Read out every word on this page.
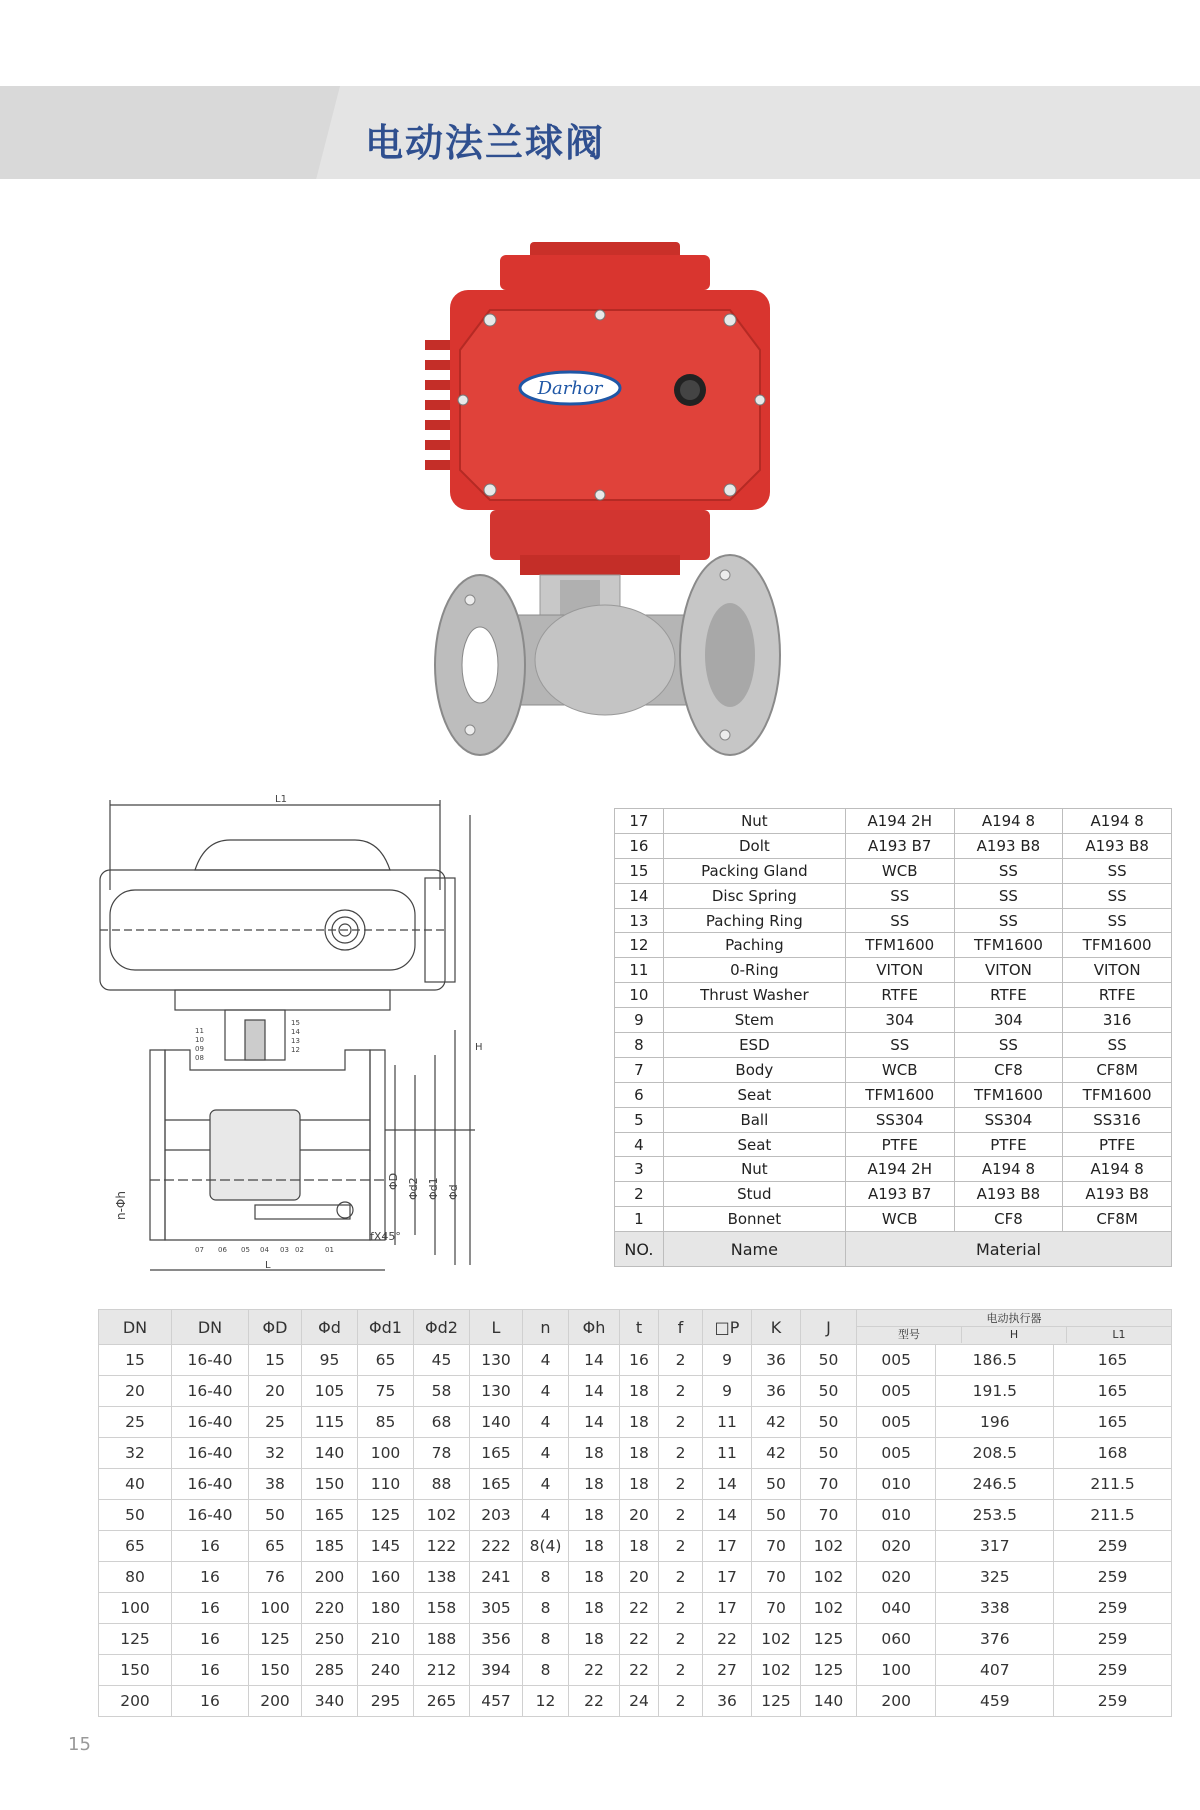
电动法兰球阀
Darhor
L1
H
ΦD Φd2 Φd1 Φd
n-Φh
fX45°
L
11
10
09
08
15
14
13
12
07 06 05 04 03 02	01
17	Nut	A194 2H	A194 8	A194 8
16	Dolt	A193 B7	A193 B8	A193 B8
15	Packing Gland	WCB	SS	SS
14	Disc Spring	SS	SS	SS
13	Paching Ring	SS	SS	SS
12	Paching	TFM1600	TFM1600	TFM1600
11	0-Ring	VITON	VITON	VITON
10	Thrust Washer	RTFE	RTFE	RTFE
9	Stem	304	304	316
8	ESD	SS	SS	SS
7	Body	WCB	CF8	CF8M
6	Seat	TFM1600	TFM1600	TFM1600
5	Ball	SS304	SS304	SS316
4	Seat	PTFE	PTFE	PTFE
3	Nut	A194 2H	A194 8	A194 8
2	Stud	A193 B7	A193 B8	A193 B8
1	Bonnet	WCB	CF8	CF8M
NO.	Name	Material		
DN	DN	ΦD	Φd	Φd1	Φd2	L	n	Φh	t	f	□P	K	J	电动执行器
型号 H L1		

15	16-40	15	95	65	45	130	4	14	16	2	9	36	50	005	186.5	165
20	16-40	20	105	75	58	130	4	14	18	2	9	36	50	005	191.5	165
25	16-40	25	115	85	68	140	4	14	18	2	11	42	50	005	196	165
32	16-40	32	140	100	78	165	4	18	18	2	11	42	50	005	208.5	168
40	16-40	38	150	110	88	165	4	18	18	2	14	50	70	010	246.5	211.5
50	16-40	50	165	125	102	203	4	18	20	2	14	50	70	010	253.5	211.5
65	16	65	185	145	122	222	8(4)	18	18	2	17	70	102	020	317	259
80	16	76	200	160	138	241	8	18	20	2	17	70	102	020	325	259
100	16	100	220	180	158	305	8	18	22	2	17	70	102	040	338	259
125	16	125	250	210	188	356	8	18	22	2	22	102	125	060	376	259
150	16	150	285	240	212	394	8	22	22	2	27	102	125	100	407	259
200	16	200	340	295	265	457	12	22	24	2	36	125	140	200	459	259
15
